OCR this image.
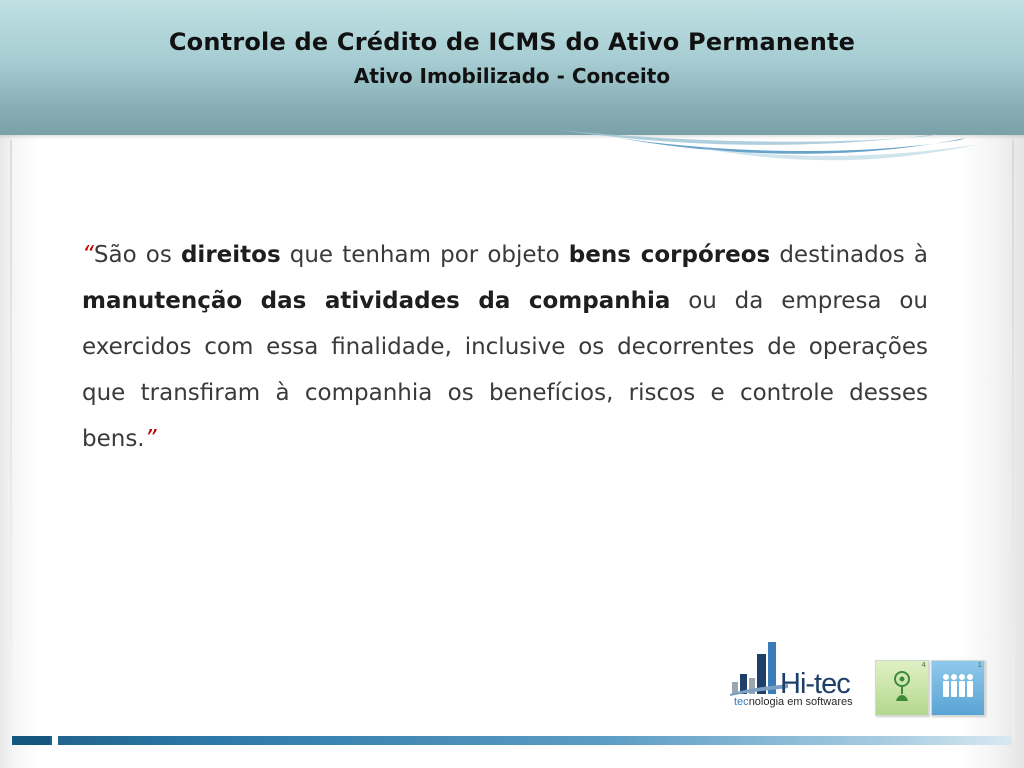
Controle de Crédito de ICMS do Ativo Permanente
Ativo Imobilizado - Conceito

“São os direitos que tenham por objeto bens corpóreos destinados à manutenção das atividades da companhia ou da empresa ou exercidos com essa finalidade, inclusive os decorrentes de operações que transfiram à companhia os benefícios, riscos e controle desses bens.”

Hi-tec
tecnologia em softwares
4	1
